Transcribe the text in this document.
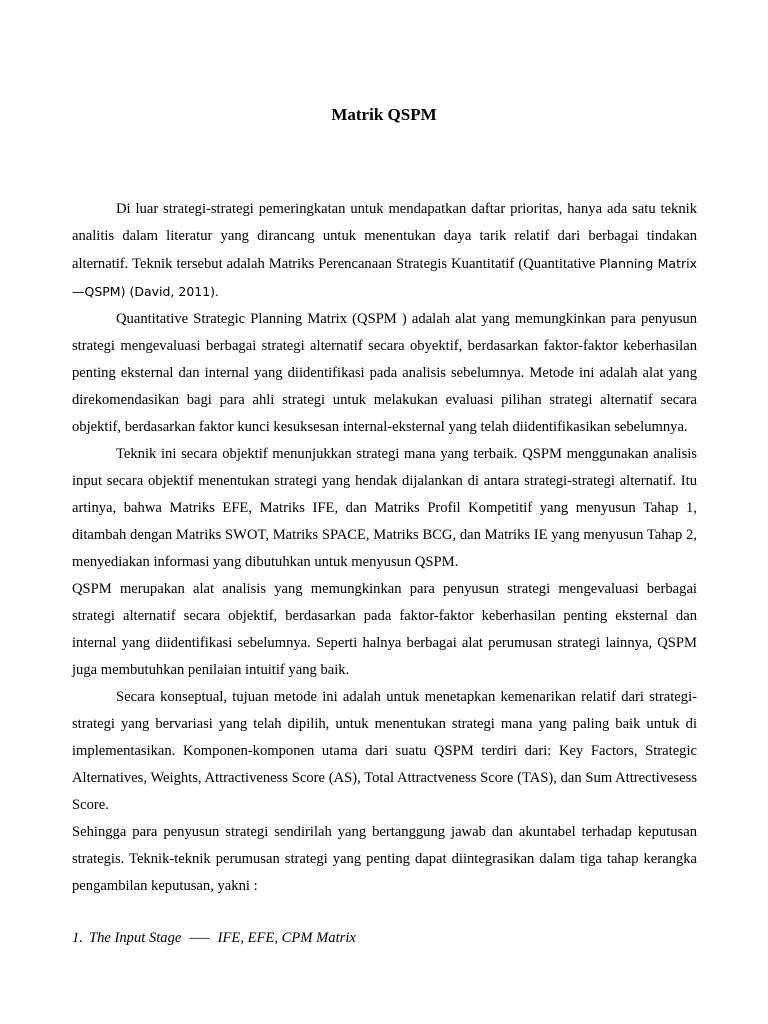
Matrik QSPM

Di luar strategi-strategi pemeringkatan untuk mendapatkan daftar prioritas, hanya ada satu teknik analitis dalam literatur yang dirancang untuk menentukan daya tarik relatif dari berbagai tindakan alternatif. Teknik tersebut adalah Matriks Perencanaan Strategis Kuantitatif (Quantitative Planning Matrix—QSPM) (David, 2011).

Quantitative Strategic Planning Matrix (QSPM ) adalah alat yang memungkinkan para penyusun strategi mengevaluasi berbagai strategi alternatif secara obyektif, berdasarkan faktor-faktor keberhasilan penting eksternal dan internal yang diidentifikasi pada analisis sebelumnya. Metode ini adalah alat yang direkomendasikan bagi para ahli strategi untuk melakukan evaluasi pilihan strategi alternatif secara objektif, berdasarkan faktor kunci kesuksesan internal-eksternal yang telah diidentifikasikan sebelumnya.

Teknik ini secara objektif menunjukkan strategi mana yang terbaik. QSPM menggunakan analisis input secara objektif menentukan strategi yang hendak dijalankan di antara strategi-strategi alternatif. Itu artinya, bahwa Matriks EFE, Matriks IFE, dan Matriks Profil Kompetitif yang menyusun Tahap 1, ditambah dengan Matriks SWOT, Matriks SPACE, Matriks BCG, dan Matriks IE yang menyusun Tahap 2, menyediakan informasi yang dibutuhkan untuk menyusun QSPM.

QSPM merupakan alat analisis yang memungkinkan para penyusun strategi mengevaluasi berbagai strategi alternatif secara objektif, berdasarkan pada faktor-faktor keberhasilan penting eksternal dan internal yang diidentifikasi sebelumnya. Seperti halnya berbagai alat perumusan strategi lainnya, QSPM juga membutuhkan penilaian intuitif yang baik.

Secara konseptual, tujuan metode ini adalah untuk menetapkan kemenarikan relatif dari strategi-strategi yang bervariasi yang telah dipilih, untuk menentukan strategi mana yang paling baik untuk di implementasikan. Komponen-komponen utama dari suatu QSPM terdiri dari: Key Factors, Strategic Alternatives, Weights, Attractiveness Score (AS), Total Attractveness Score (TAS), dan Sum Attrectivesess Score.

Sehingga para penyusun strategi sendirilah yang bertanggung jawab dan akuntabel terhadap keputusan strategis. Teknik-teknik perumusan strategi yang penting dapat diintegrasikan dalam tiga tahap kerangka pengambilan keputusan, yakni :

1. The Input Stage —– IFE, EFE, CPM Matrix
